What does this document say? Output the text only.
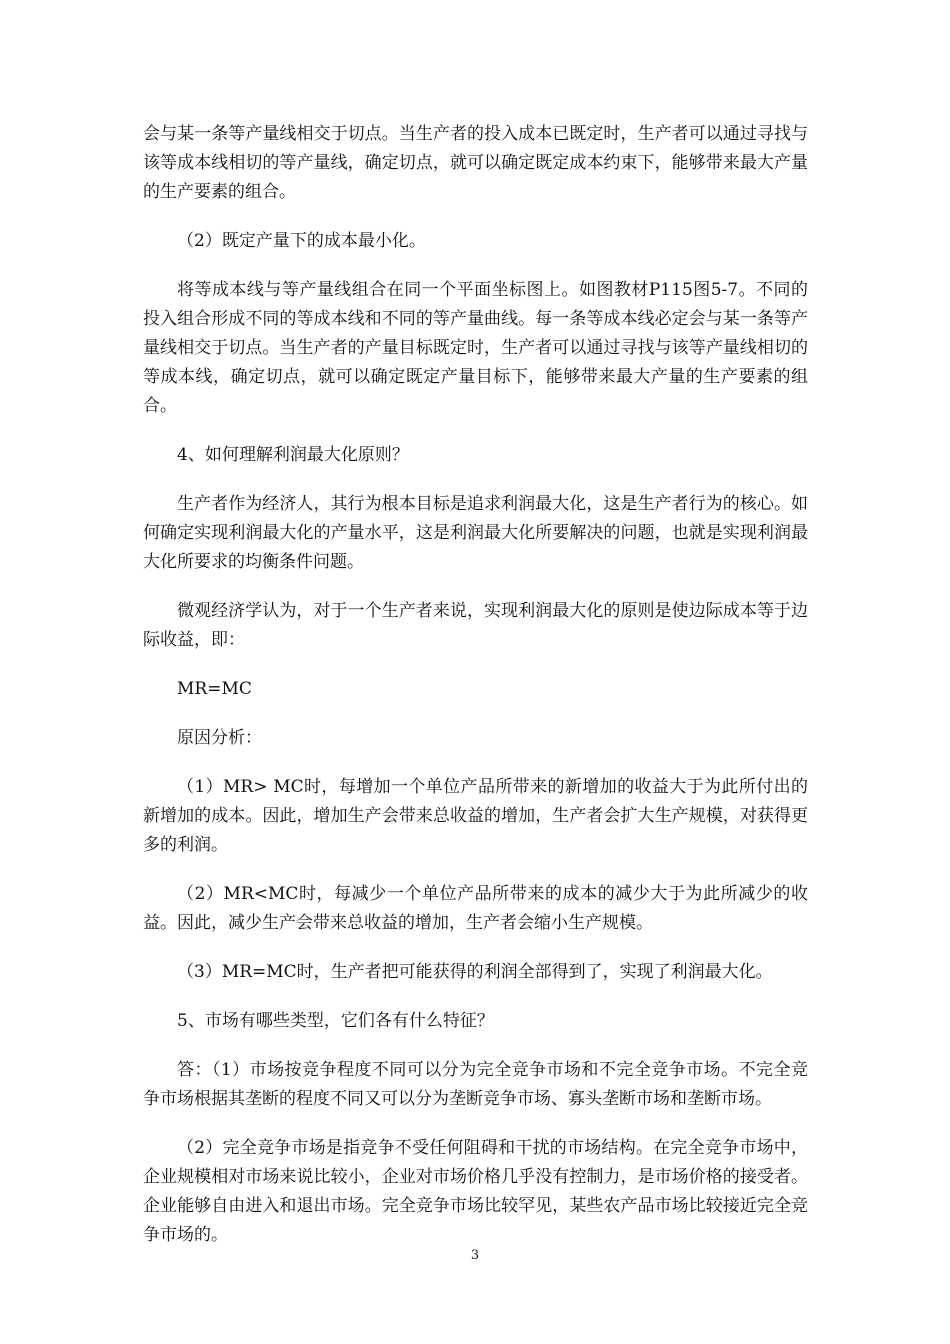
会与某一条等产量线相交于切点。当生产者的投入成本已既定时，生产者可以通过寻找与该等成本线相切的等产量线，确定切点，就可以确定既定成本约束下，能够带来最大产量的生产要素的组合。

（2）既定产量下的成本最小化。

将等成本线与等产量线组合在同一个平面坐标图上。如图教材P115图5-7。不同的投入组合形成不同的等成本线和不同的等产量曲线。每一条等成本线必定会与某一条等产量线相交于切点。当生产者的产量目标既定时，生产者可以通过寻找与该等产量线相切的等成本线，确定切点，就可以确定既定产量目标下，能够带来最大产量的生产要素的组合。

4、如何理解利润最大化原则？

生产者作为经济人，其行为根本目标是追求利润最大化，这是生产者行为的核心。如何确定实现利润最大化的产量水平，这是利润最大化所要解决的问题，也就是实现利润最大化所要求的均衡条件问题。

微观经济学认为，对于一个生产者来说，实现利润最大化的原则是使边际成本等于边际收益，即：

MR=MC

原因分析：

（1）MR> MC时，每增加一个单位产品所带来的新增加的收益大于为此所付出的新增加的成本。因此，增加生产会带来总收益的增加，生产者会扩大生产规模，对获得更多的利润。

（2）MR<MC时，每减少一个单位产品所带来的成本的减少大于为此所减少的收益。因此，减少生产会带来总收益的增加，生产者会缩小生产规模。

（3）MR=MC时，生产者把可能获得的利润全部得到了，实现了利润最大化。

5、市场有哪些类型，它们各有什么特征？

答：（1）市场按竞争程度不同可以分为完全竞争市场和不完全竞争市场。不完全竞争市场根据其垄断的程度不同又可以分为垄断竞争市场、寡头垄断市场和垄断市场。

（2）完全竞争市场是指竞争不受任何阻碍和干扰的市场结构。在完全竞争市场中，企业规模相对市场来说比较小，企业对市场价格几乎没有控制力，是市场价格的接受者。企业能够自由进入和退出市场。完全竞争市场比较罕见，某些农产品市场比较接近完全竞争市场的。

3
